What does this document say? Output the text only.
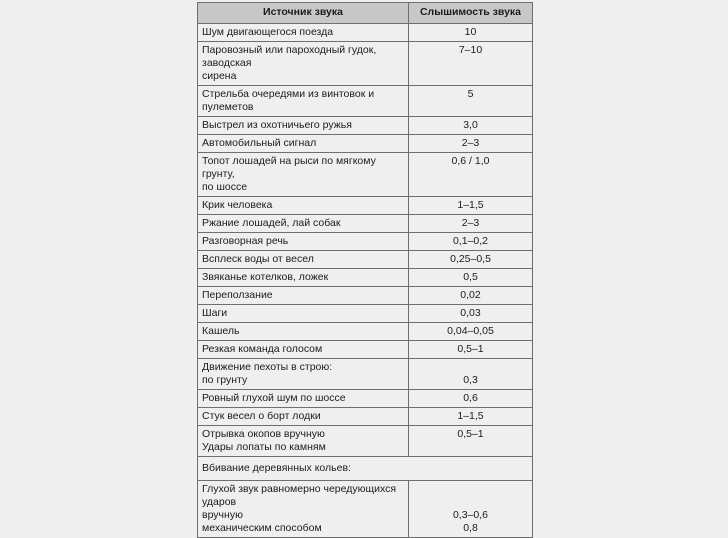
Источник звука	Слышимость звука
Шум двигающегося поезда	10
Паровозный или пароходный гудок, заводская
сирена	7–10
Стрельба очередями из винтовок и пулеметов	5
Выстрел из охотничьего ружья	3,0
Автомобильный сигнал	2–3
Топот лошадей на рыси по мягкому грунту,
по шоссе	0,6 / 1,0
Крик человека	1–1,5
Ржание лошадей, лай собак	2–3
Разговорная речь	0,1–0,2
Всплеск воды от весел	0,25–0,5
Звяканье котелков, ложек	0,5
Переползание	0,02
Шаги	0,03
Кашель	0,04–0,05
Резкая команда голосом	0,5–1
Движение пехоты в строю:
по грунту	0,3
Ровный глухой шум по шоссе	0,6
Стук весел о борт лодки	1–1,5
Отрывка окопов вручную
Удары лопаты по камням	0,5–1
Вбивание деревянных кольев:	
Глухой звук равномерно чередующихся ударов
вручную
механическим способом	0,3–0,6
0,8
